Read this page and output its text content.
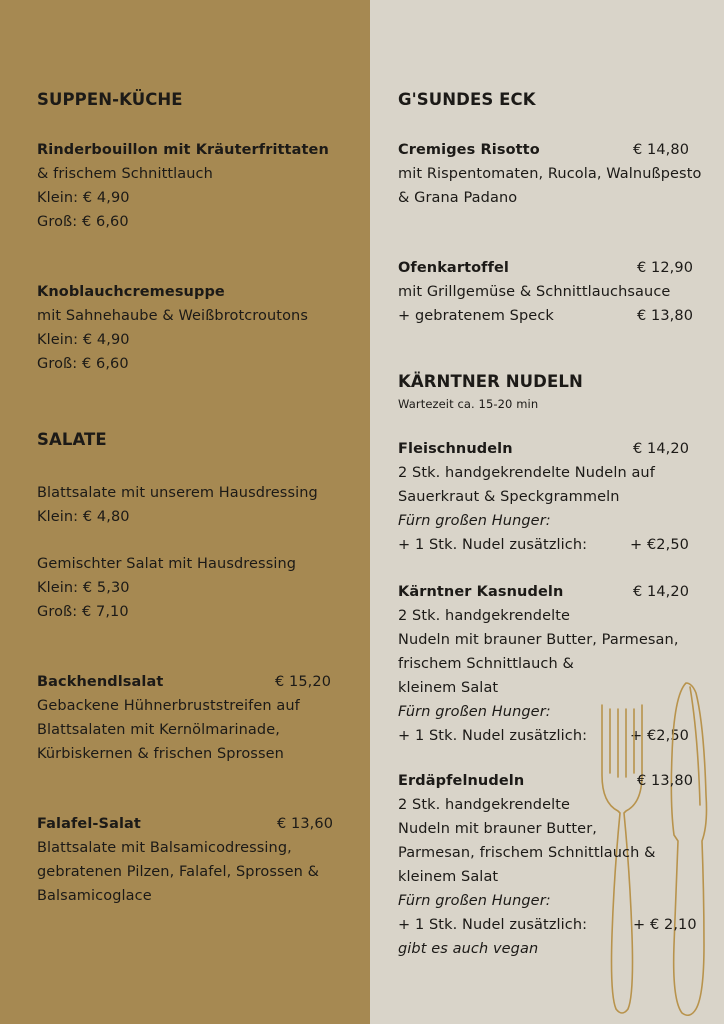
SUPPEN-KÜCHE
Rinderbouillon mit Kräuterfrittaten
& frischem Schnittlauch
Klein: € 4,90
Groß: € 6,60
Knoblauchcremesuppe
mit Sahnehaube & Weißbrotcroutons
Klein: € 4,90
Groß: € 6,60
SALATE
Blattsalate mit unserem Hausdressing
Klein: € 4,80
Gemischter Salat mit Hausdressing
Klein: € 5,30
Groß: € 7,10
Backhendlsalat	€ 15,20
Gebackene Hühnerbruststreifen auf
Blattsalaten mit Kernölmarinade,
Kürbiskernen & frischen Sprossen
Falafel-Salat	€ 13,60
Blattsalate mit Balsamicodressing,
gebratenen Pilzen, Falafel, Sprossen &
Balsamicoglace
G'SUNDES ECK
Cremiges Risotto	€ 14,80
mit Rispentomaten, Rucola, Walnußpesto
& Grana Padano
Ofenkartoffel	€ 12,90
mit Grillgemüse & Schnittlauchsauce
+ gebratenem Speck	€ 13,80
KÄRNTNER NUDELN
Wartezeit ca. 15-20 min
Fleischnudeln	€ 14,20
2 Stk. handgekrendelte Nudeln auf
Sauerkraut & Speckgrammeln
Fürn großen Hunger:
+ 1 Stk. Nudel zusätzlich:	+ €2,50
Kärntner Kasnudeln	€ 14,20
2 Stk. handgekrendelte
Nudeln mit brauner Butter, Parmesan,
frischem Schnittlauch &
kleinem Salat
Fürn großen Hunger:
+ 1 Stk. Nudel zusätzlich:	+ €2,50
Erdäpfelnudeln	€ 13,80
2 Stk. handgekrendelte
Nudeln mit brauner Butter,
Parmesan, frischem Schnittlauch &
kleinem Salat
Fürn großen Hunger:
+ 1 Stk. Nudel zusätzlich:	+ € 2,10
gibt es auch vegan
